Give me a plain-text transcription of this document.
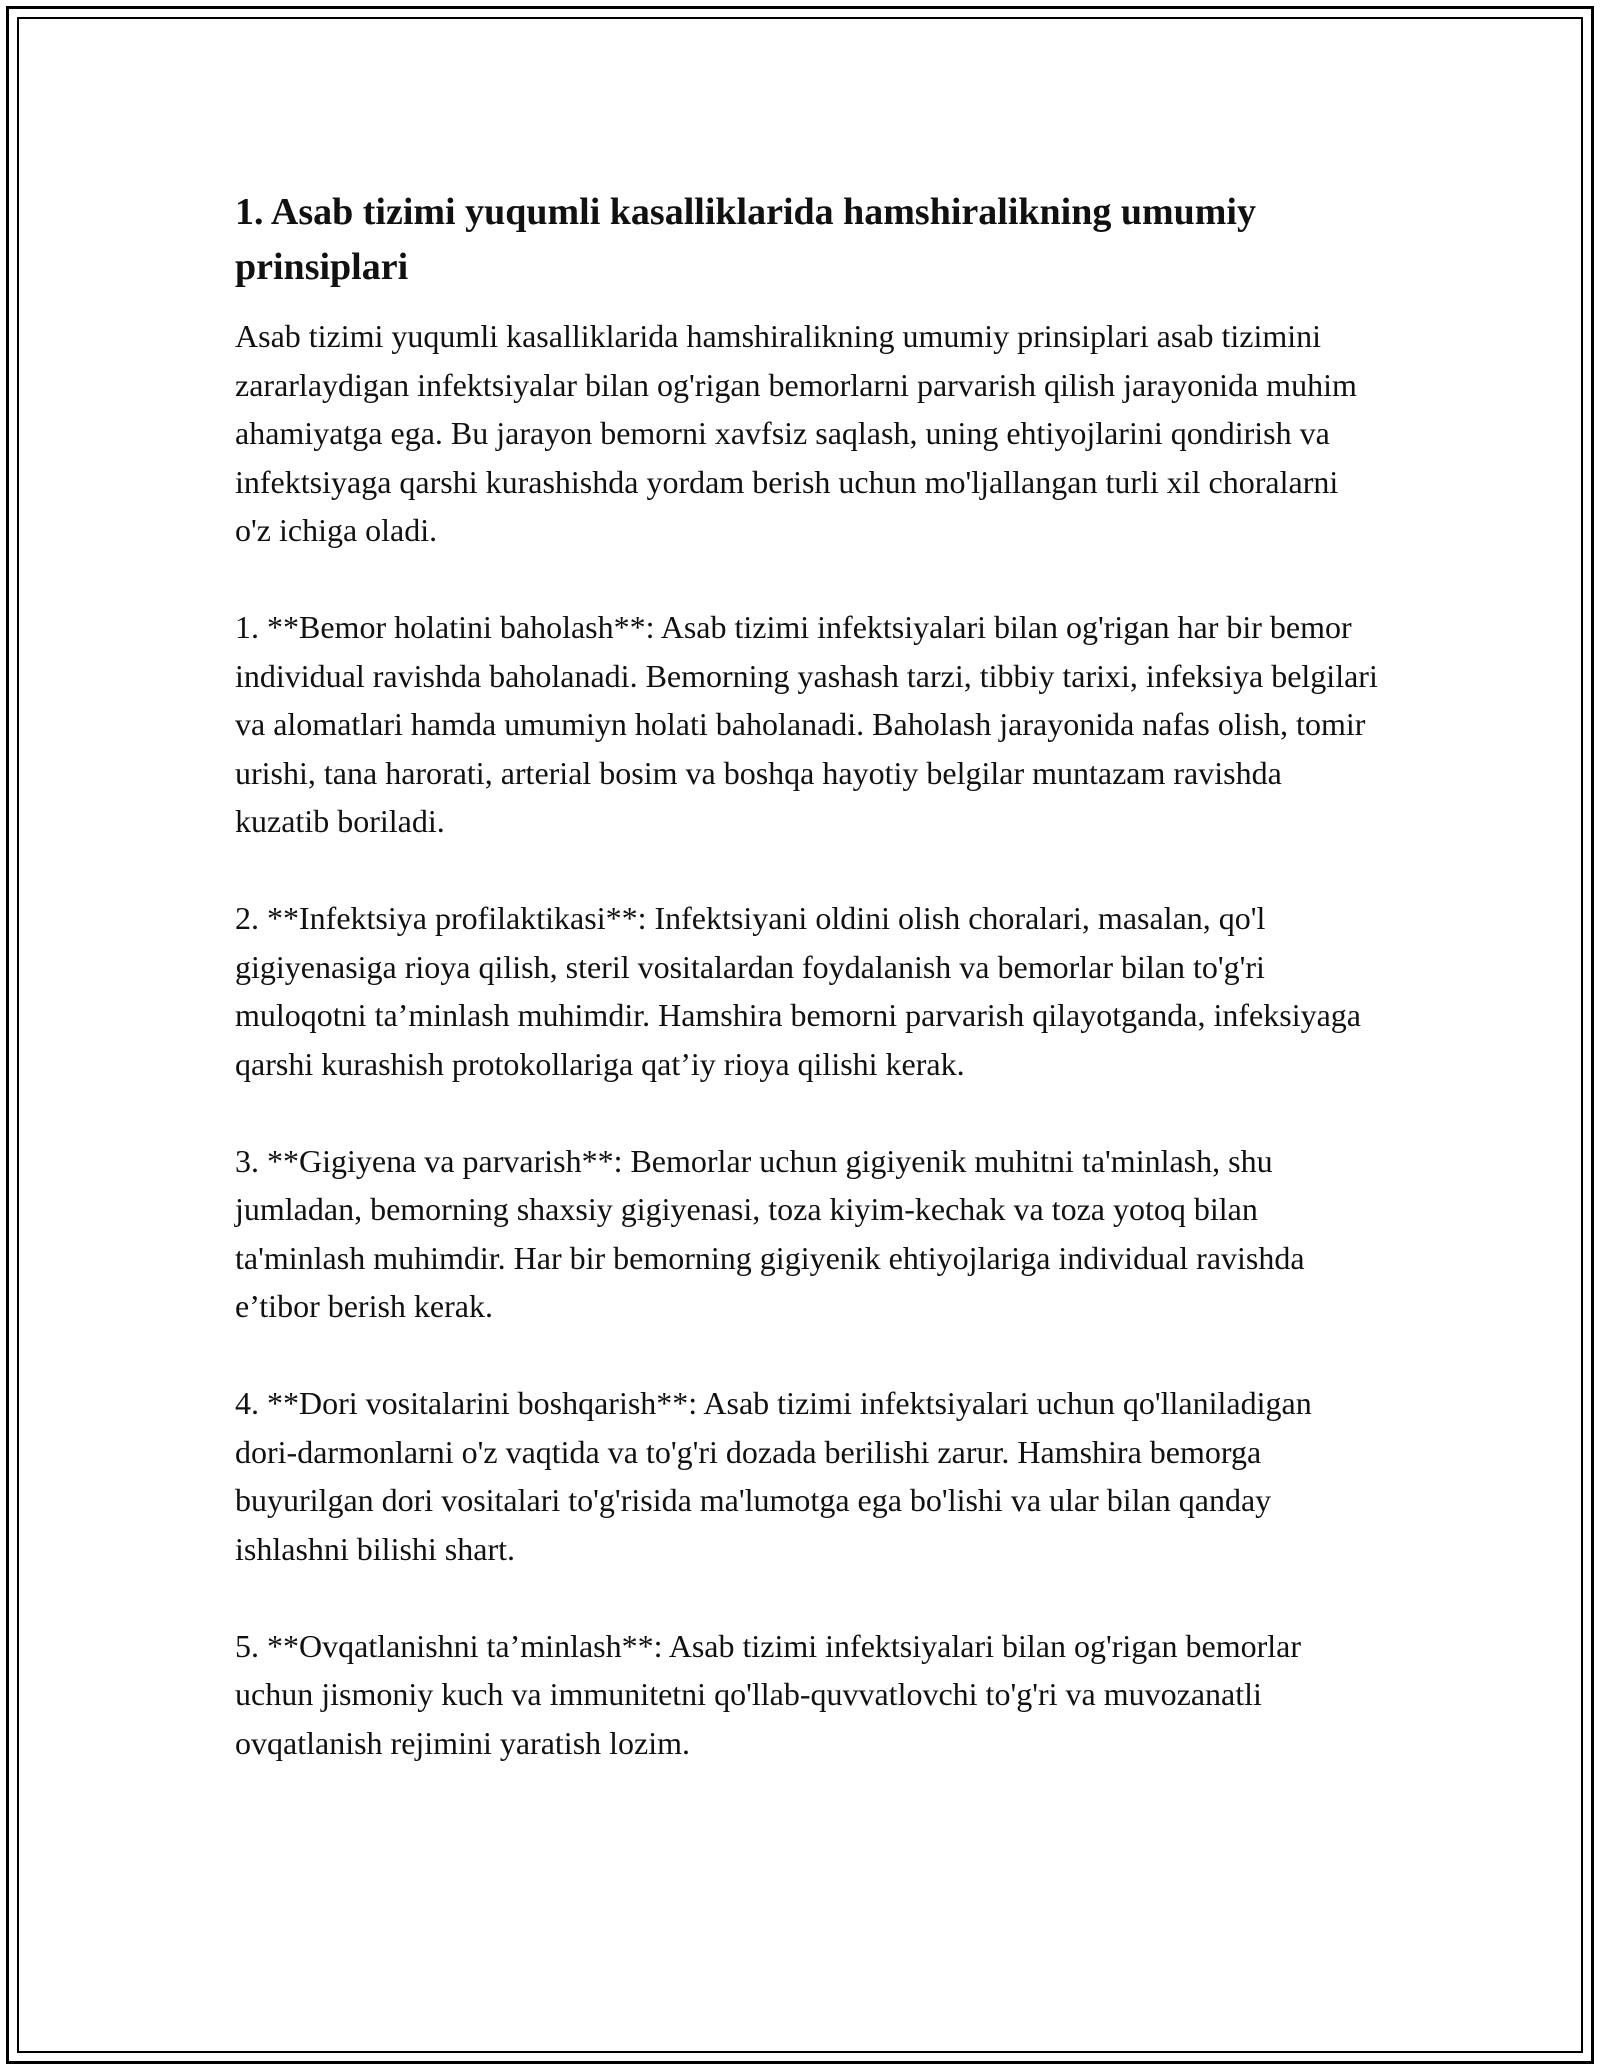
1. Asab tizimi yuqumli kasalliklarida hamshiralikning umumiy prinsiplari

Asab tizimi yuqumli kasalliklarida hamshiralikning umumiy prinsiplari asab tizimini zararlaydigan infektsiyalar bilan og'rigan bemorlarni parvarish qilish jarayonida muhim ahamiyatga ega. Bu jarayon bemorni xavfsiz saqlash, uning ehtiyojlarini qondirish va infektsiyaga qarshi kurashishda yordam berish uchun mo'ljallangan turli xil choralarni o'z ichiga oladi.

1. **Bemor holatini baholash**: Asab tizimi infektsiyalari bilan og'rigan har bir bemor individual ravishda baholanadi. Bemorning yashash tarzi, tibbiy tarixi, infeksiya belgilari va alomatlari hamda umumiyn holati baholanadi. Baholash jarayonida nafas olish, tomir urishi, tana harorati, arterial bosim va boshqa hayotiy belgilar muntazam ravishda kuzatib boriladi.

2. **Infektsiya profilaktikasi**: Infektsiyani oldini olish choralari, masalan, qo'l gigiyenasiga rioya qilish, steril vositalardan foydalanish va bemorlar bilan to'g'ri muloqotni ta’minlash muhimdir. Hamshira bemorni parvarish qilayotganda, infeksiyaga qarshi kurashish protokollariga qat’iy rioya qilishi kerak.

3. **Gigiyena va parvarish**: Bemorlar uchun gigiyenik muhitni ta'minlash, shu jumladan, bemorning shaxsiy gigiyenasi, toza kiyim-kechak va toza yotoq bilan ta'minlash muhimdir. Har bir bemorning gigiyenik ehtiyojlariga individual ravishda e’tibor berish kerak.

4. **Dori vositalarini boshqarish**: Asab tizimi infektsiyalari uchun qo'llaniladigan dori-darmonlarni o'z vaqtida va to'g'ri dozada berilishi zarur. Hamshira bemorga buyurilgan dori vositalari to'g'risida ma'lumotga ega bo'lishi va ular bilan qanday ishlashni bilishi shart.

5. **Ovqatlanishni ta’minlash**: Asab tizimi infektsiyalari bilan og'rigan bemorlar uchun jismoniy kuch va immunitetni qo'llab-quvvatlovchi to'g'ri va muvozanatli ovqatlanish rejimini yaratish lozim.
